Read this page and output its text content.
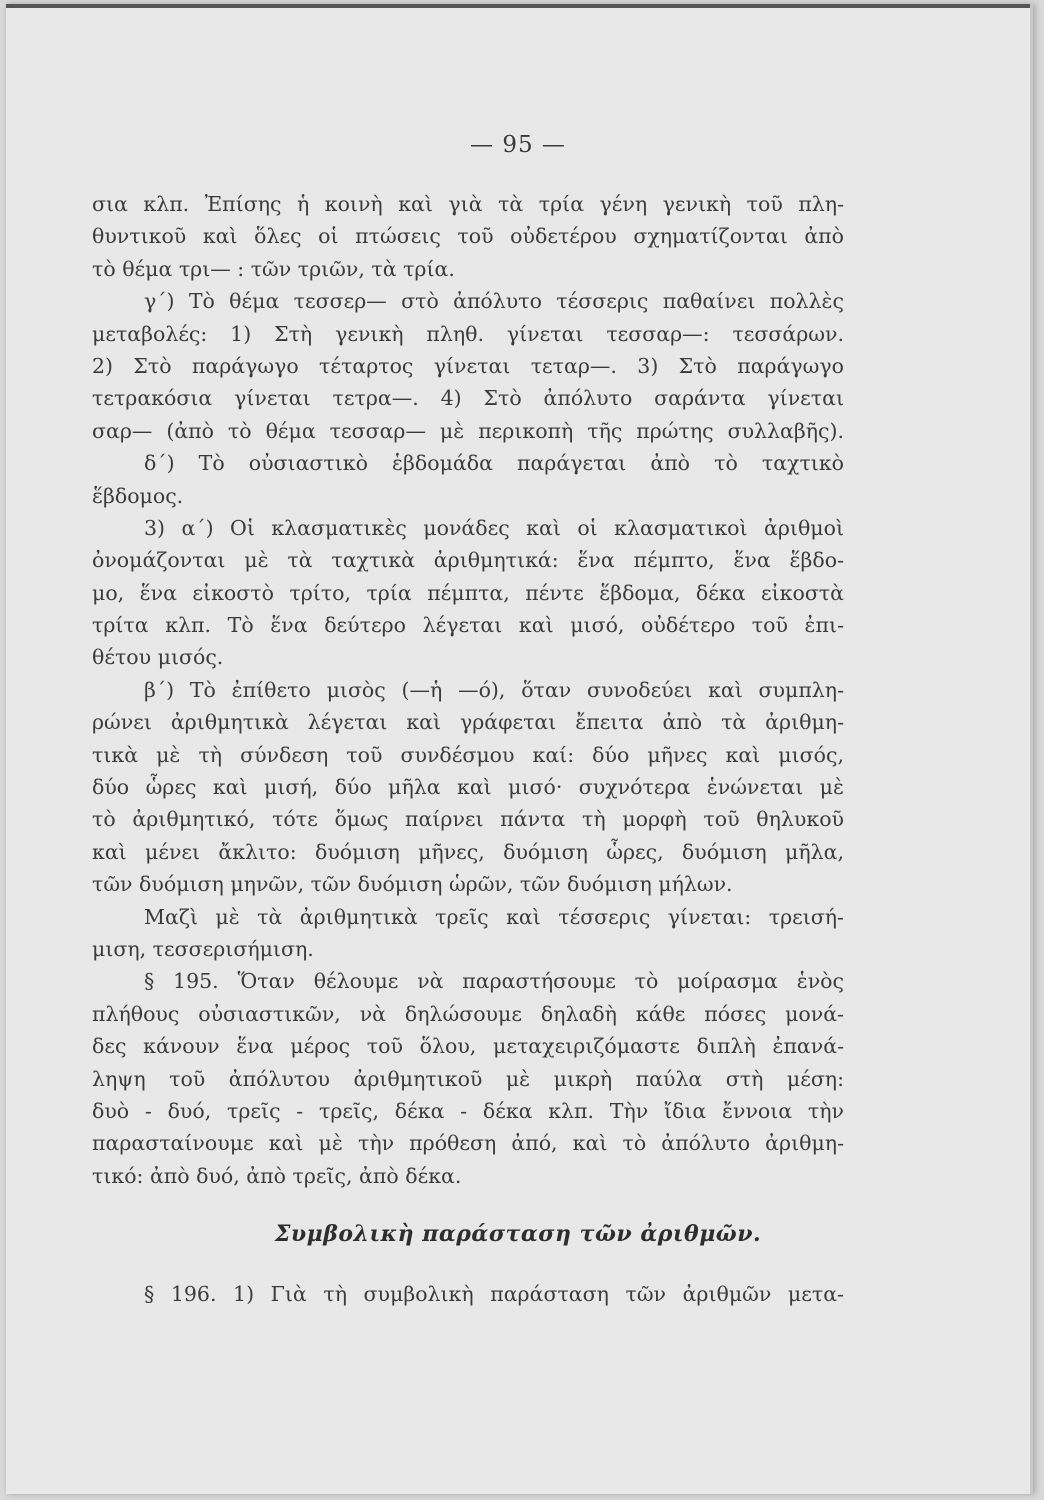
— 95 —
σια κλπ. Ἐπίσης ἡ κοινὴ καὶ γιὰ τὰ τρία γένη γενικὴ τοῦ πλη-
θυντικοῦ καὶ ὅλες οἱ πτώσεις τοῦ οὐδετέρου σχηματίζονται ἀπὸ
τὸ θέμα τρι— : τῶν τριῶν, τὰ τρία.
γ΄) Τὸ θέμα τεσσερ— στὸ ἀπόλυτο τέσσερις παθαίνει πολλὲς
μεταβολές: 1) Στὴ γενικὴ πληθ. γίνεται τεσσαρ—: τεσσάρων.
2) Στὸ παράγωγο τέταρτος γίνεται τεταρ—. 3) Στὸ παράγωγο
τετρακόσια γίνεται τετρα—. 4) Στὸ ἀπόλυτο σαράντα γίνεται
σαρ— (ἀπὸ τὸ θέμα τεσσαρ— μὲ περικοπὴ τῆς πρώτης συλλαβῆς).
δ΄) Τὸ οὐσιαστικὸ ἑβδομάδα παράγεται ἀπὸ τὸ ταχτικὸ
ἕβδομος.
3) α΄) Οἱ κλασματικὲς μονάδες καὶ οἱ κλασματικοὶ ἀριθμοὶ
ὀνομάζονται μὲ τὰ ταχτικὰ ἀριθμητικά: ἕνα πέμπτο, ἕνα ἕβδο-
μο, ἕνα εἰκοστὸ τρίτο, τρία πέμπτα, πέντε ἕβδομα, δέκα εἰκοστὰ
τρίτα κλπ. Τὸ ἕνα δεύτερο λέγεται καὶ μισό, οὐδέτερο τοῦ ἐπι-
θέτου μισός.
β΄) Τὸ ἐπίθετο μισὸς (—ἡ —ό), ὅταν συνοδεύει καὶ συμπλη-
ρώνει ἀριθμητικὰ λέγεται καὶ γράφεται ἔπειτα ἀπὸ τὰ ἀριθμη-
τικὰ μὲ τὴ σύνδεση τοῦ συνδέσμου καί: δύο μῆνες καὶ μισός,
δύο ὧρες καὶ μισή, δύο μῆλα καὶ μισό· συχνότερα ἑνώνεται μὲ
τὸ ἀριθμητικό, τότε ὅμως παίρνει πάντα τὴ μορφὴ τοῦ θηλυκοῦ
καὶ μένει ἄκλιτο: δυόμιση μῆνες, δυόμιση ὧρες, δυόμιση μῆλα,
τῶν δυόμιση μηνῶν, τῶν δυόμιση ὡρῶν, τῶν δυόμιση μήλων.
Μαζὶ μὲ τὰ ἀριθμητικὰ τρεῖς καὶ τέσσερις γίνεται: τρεισή-
μιση, τεσσερισήμιση.
§ 195. Ὅταν θέλουμε νὰ παραστήσουμε τὸ μοίρασμα ἑνὸς
πλήθους οὐσιαστικῶν, νὰ δηλώσουμε δηλαδὴ κάθε πόσες μονά-
δες κάνουν ἕνα μέρος τοῦ ὅλου, μεταχειριζόμαστε διπλὴ ἐπανά-
ληψη τοῦ ἀπόλυτου ἀριθμητικοῦ μὲ μικρὴ παύλα στὴ μέση:
δυὸ - δυό, τρεῖς - τρεῖς, δέκα - δέκα κλπ. Τὴν ἴδια ἔννοια τὴν
παρασταίνουμε καὶ μὲ τὴν πρόθεση ἀπό, καὶ τὸ ἀπόλυτο ἀριθμη-
τικό: ἀπὸ δυό, ἀπὸ τρεῖς, ἀπὸ δέκα.
Συμβολικὴ παράσταση τῶν ἀριθμῶν.
§ 196. 1) Γιὰ τὴ συμβολικὴ παράσταση τῶν ἀριθμῶν μετα-
